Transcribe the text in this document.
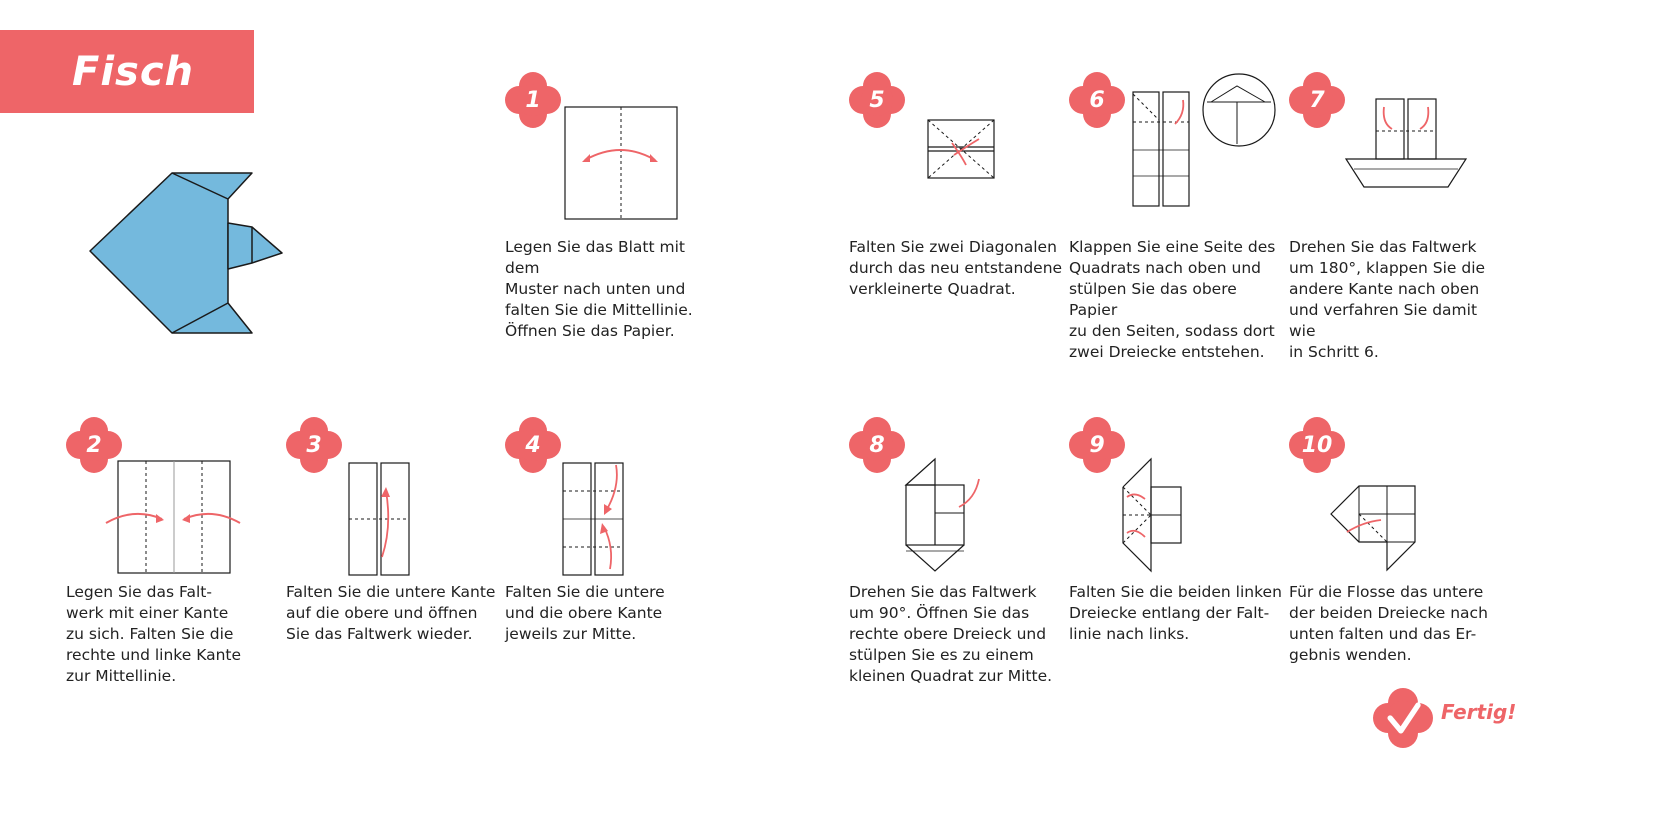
Fisch
1
Legen Sie das Blatt mit dem
Muster nach unten und
falten Sie die Mittellinie.
Öffnen Sie das Papier.
5
Falten Sie zwei Diagonalen
durch das neu entstandene
verkleinerte Quadrat.
6
Klappen Sie eine Seite des
Quadrats nach oben und
stülpen Sie das obere Papier
zu den Seiten, sodass dort
zwei Dreiecke entstehen.
7
Drehen Sie das Faltwerk
um 180°, klappen Sie die
andere Kante nach oben
und verfahren Sie damit wie
in Schritt 6.
2
Legen Sie das Falt-
werk mit einer Kante
zu sich. Falten Sie die
rechte und linke Kante
zur Mittellinie.
3
Falten Sie die untere Kante
auf die obere und öffnen
Sie das Faltwerk wieder.
4
Falten Sie die untere
und die obere Kante
jeweils zur Mitte.
8
Drehen Sie das Faltwerk
um 90°. Öffnen Sie das
rechte obere Dreieck und
stülpen Sie es zu einem
kleinen Quadrat zur Mitte.
9
Falten Sie die beiden linken
Dreiecke entlang der Falt-
linie nach links.
10
Für die Flosse das untere
der beiden Dreiecke nach
unten falten und das Er-
gebnis wenden.
Fertig!
